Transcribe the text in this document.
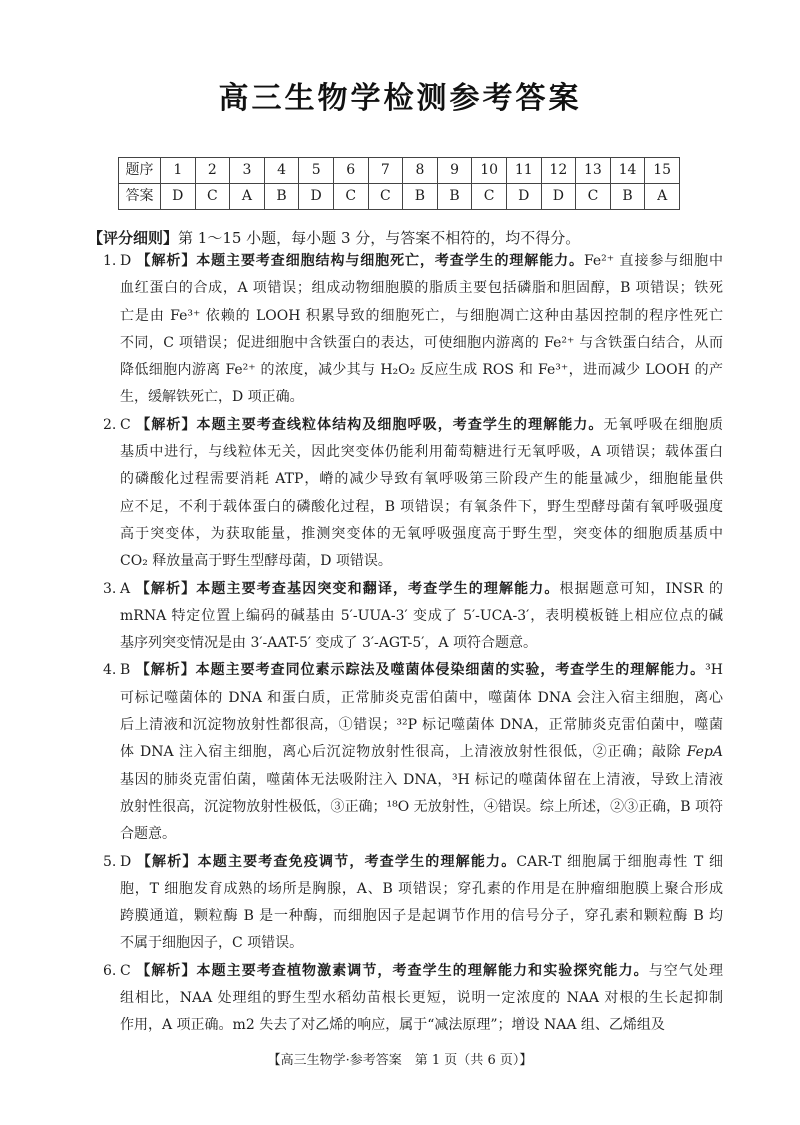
高三生物学检测参考答案
题序	1	2	3	4	5	6	7	8	9	10	11	12	13	14	15
答案	D	C	A	B	D	C	C	B	B	C	D	D	C	B	A
【评分细则】第 1～15 小题，每小题 3 分，与答案不相符的，均不得分。
1. D 【解析】本题主要考查细胞结构与细胞死亡，考查学生的理解能力。Fe²⁺ 直接参与细胞中
血红蛋白的合成，A 项错误；组成动物细胞膜的脂质主要包括磷脂和胆固醇，B 项错误；铁死
亡是由 Fe³⁺ 依赖的 LOOH 积累导致的细胞死亡，与细胞凋亡这种由基因控制的程序性死亡
不同，C 项错误；促进细胞中含铁蛋白的表达，可使细胞内游离的 Fe²⁺ 与含铁蛋白结合，从而
降低细胞内游离 Fe²⁺ 的浓度，减少其与 H₂O₂ 反应生成 ROS 和 Fe³⁺，进而减少 LOOH 的产
生，缓解铁死亡，D 项正确。
2. C 【解析】本题主要考查线粒体结构及细胞呼吸，考查学生的理解能力。无氧呼吸在细胞质
基质中进行，与线粒体无关，因此突变体仍能利用葡萄糖进行无氧呼吸，A 项错误；载体蛋白
的磷酸化过程需要消耗 ATP，嵴的减少导致有氧呼吸第三阶段产生的能量减少，细胞能量供
应不足，不利于载体蛋白的磷酸化过程，B 项错误；有氧条件下，野生型酵母菌有氧呼吸强度
高于突变体，为获取能量，推测突变体的无氧呼吸强度高于野生型，突变体的细胞质基质中
CO₂ 释放量高于野生型酵母菌，D 项错误。
3. A 【解析】本题主要考查基因突变和翻译，考查学生的理解能力。根据题意可知，INSR 的
mRNA 特定位置上编码的碱基由 5′-UUA-3′ 变成了 5′-UCA-3′，表明模板链上相应位点的碱
基序列突变情况是由 3′-AAT-5′ 变成了 3′-AGT-5′，A 项符合题意。
4. B 【解析】本题主要考查同位素示踪法及噬菌体侵染细菌的实验，考查学生的理解能力。³H
可标记噬菌体的 DNA 和蛋白质，正常肺炎克雷伯菌中，噬菌体 DNA 会注入宿主细胞，离心
后上清液和沉淀物放射性都很高，①错误；³²P 标记噬菌体 DNA，正常肺炎克雷伯菌中，噬菌
体 DNA 注入宿主细胞，离心后沉淀物放射性很高，上清液放射性很低，②正确；敲除 FepA
基因的肺炎克雷伯菌，噬菌体无法吸附注入 DNA，³H 标记的噬菌体留在上清液，导致上清液
放射性很高，沉淀物放射性极低，③正确；¹⁸O 无放射性，④错误。综上所述，②③正确，B 项符
合题意。
5. D 【解析】本题主要考查免疫调节，考查学生的理解能力。CAR-T 细胞属于细胞毒性 T 细
胞，T 细胞发育成熟的场所是胸腺，A、B 项错误；穿孔素的作用是在肿瘤细胞膜上聚合形成
跨膜通道，颗粒酶 B 是一种酶，而细胞因子是起调节作用的信号分子，穿孔素和颗粒酶 B 均
不属于细胞因子，C 项错误。
6. C 【解析】本题主要考查植物激素调节，考查学生的理解能力和实验探究能力。与空气处理
组相比，NAA 处理组的野生型水稻幼苗根长更短，说明一定浓度的 NAA 对根的生长起抑制
作用，A 项正确。m2 失去了对乙烯的响应，属于“减法原理”；增设 NAA 组、乙烯组及
【高三生物学·参考答案　第 1 页（共 6 页）】
